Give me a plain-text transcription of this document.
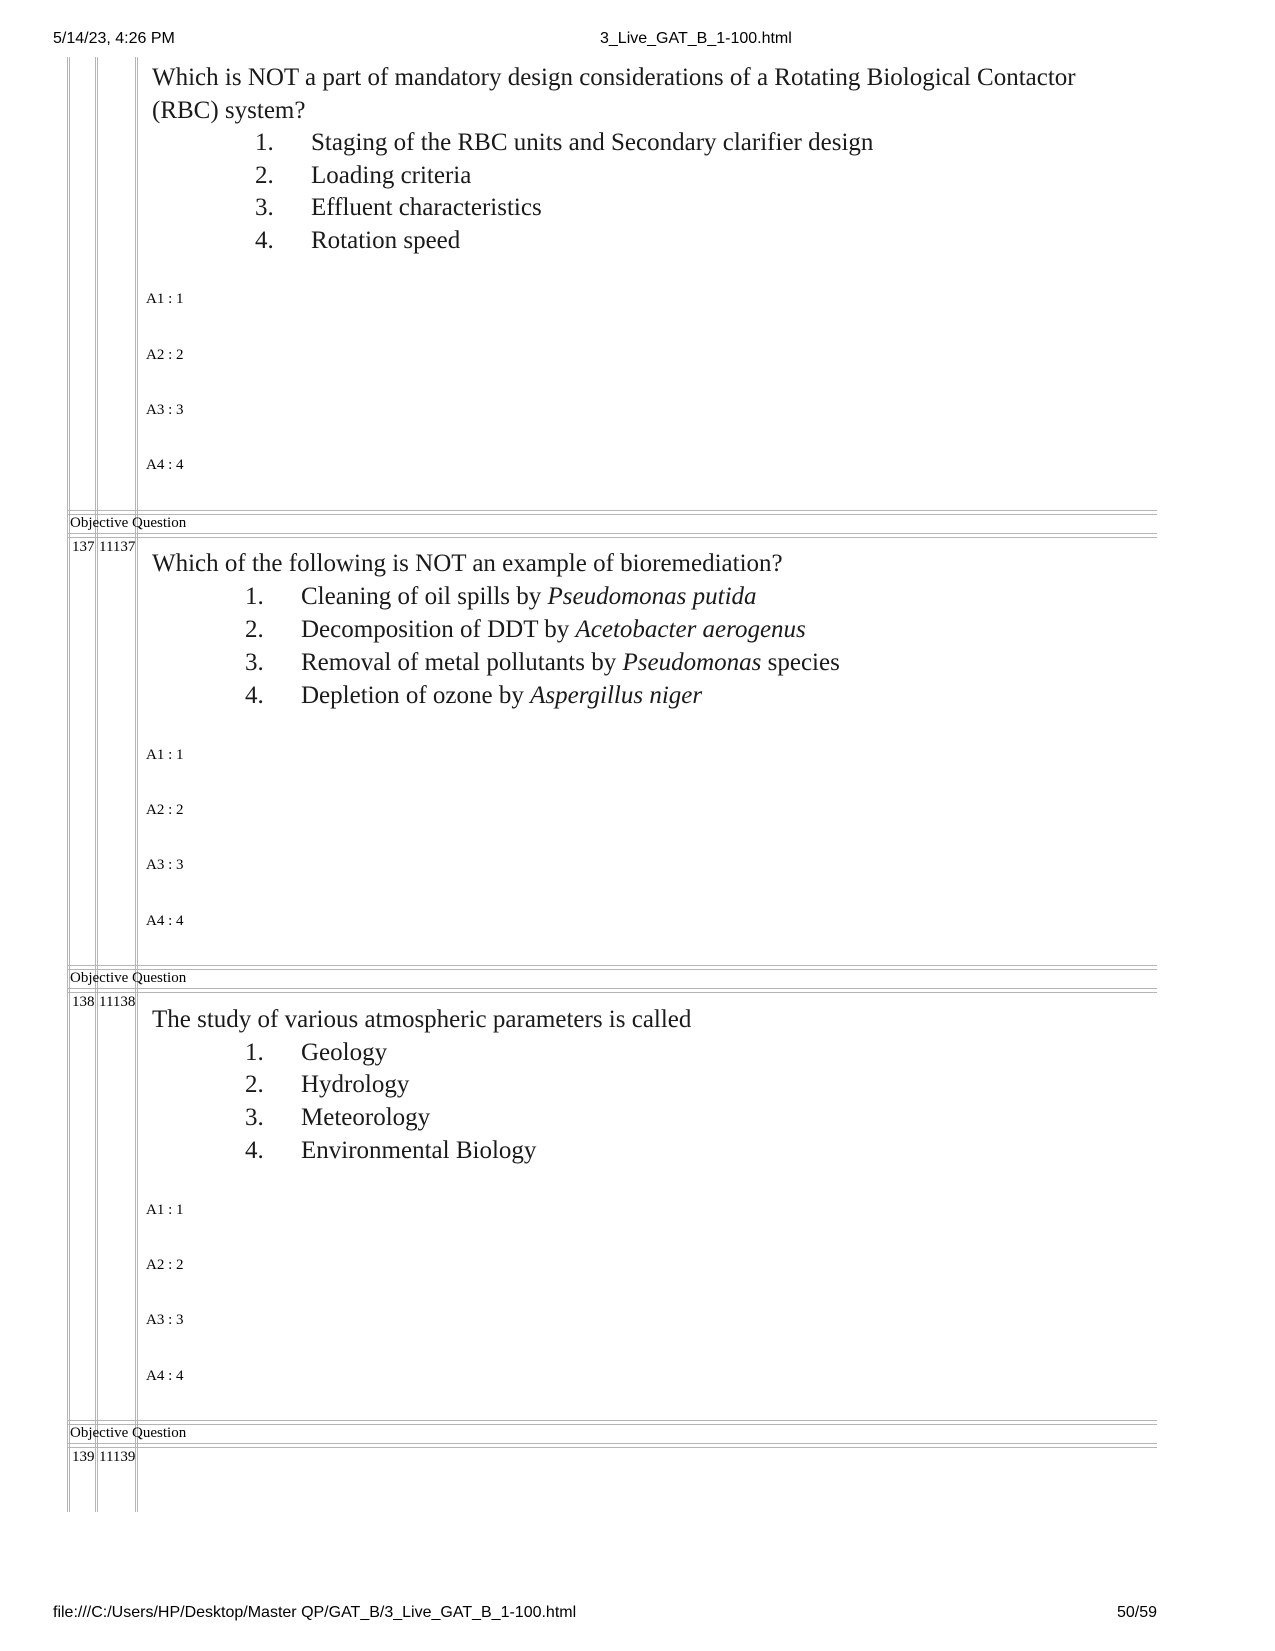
5/14/23, 4:26 PM	3_Live_GAT_B_1-100.html
Which is NOT a part of mandatory design considerations of a Rotating Biological Contactor (RBC) system?
1. Staging of the RBC units and Secondary clarifier design
2. Loading criteria
3. Effluent characteristics
4. Rotation speed
A1 : 1
A2 : 2
A3 : 3
A4 : 4
Objective Question
137 11137
Which of the following is NOT an example of bioremediation?
1. Cleaning of oil spills by Pseudomonas putida
2. Decomposition of DDT by Acetobacter aerogenus
3. Removal of metal pollutants by Pseudomonas species
4. Depletion of ozone by Aspergillus niger
A1 : 1
A2 : 2
A3 : 3
A4 : 4
Objective Question
138 11138
The study of various atmospheric parameters is called
1. Geology
2. Hydrology
3. Meteorology
4. Environmental Biology
A1 : 1
A2 : 2
A3 : 3
A4 : 4
Objective Question
139 11139
file:///C:/Users/HP/Desktop/Master QP/GAT_B/3_Live_GAT_B_1-100.html	50/59
